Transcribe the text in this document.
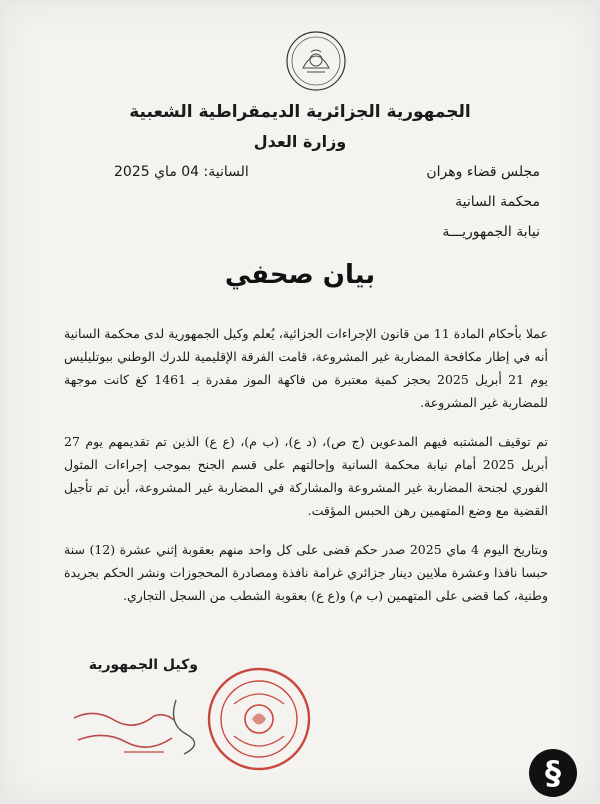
الجمهورية الجزائرية الديمقراطية الشعبية
وزارة العدل
مجلس قضاء وهران
محكمة السانية
نيابة الجمهوريـــة
السانية: 04 ماي 2025
بيان صحفي

عملا بأحكام المادة 11 من قانون الإجراءات الجزائية، يُعلم وكيل الجمهورية لدى محكمة السانية أنه في إطار مكافحة المضاربة غير المشروعة، قامت الفرقة الإقليمية للدرك الوطني ببوتليليس يوم 21 أبريل 2025 بحجز كمية معتبرة من فاكهة الموز مقدرة بـ 1461 كغ كانت موجهة للمضاربة غير المشروعة.

تم توقيف المشتبه فيهم المدعوين (ج ص)، (د ع)، (ب م)، (ع ع) الذين تم تقديمهم يوم 27 أبريل 2025 أمام نيابة محكمة السانية وإحالتهم على قسم الجنح بموجب إجراءات المثول الفوري لجنحة المضاربة غير المشروعة والمشاركة في المضاربة غير المشروعة، أين تم تأجيل القضية مع وضع المتهمين رهن الحبس المؤقت.

وبتاريخ اليوم 4 ماي 2025 صدر حكم قضى على كل واحد منهم بعقوبة إثني عشرة (12) سنة حبسا نافذا وعشرة ملايين دينار جزائري غرامة نافذة ومصادرة المحجوزات ونشر الحكم بجريدة وطنية، كما قضى على المتهمين (ب م) و(ع ع) بعقوبة الشطب من السجل التجاري.

وكيل الجمهورية
§
